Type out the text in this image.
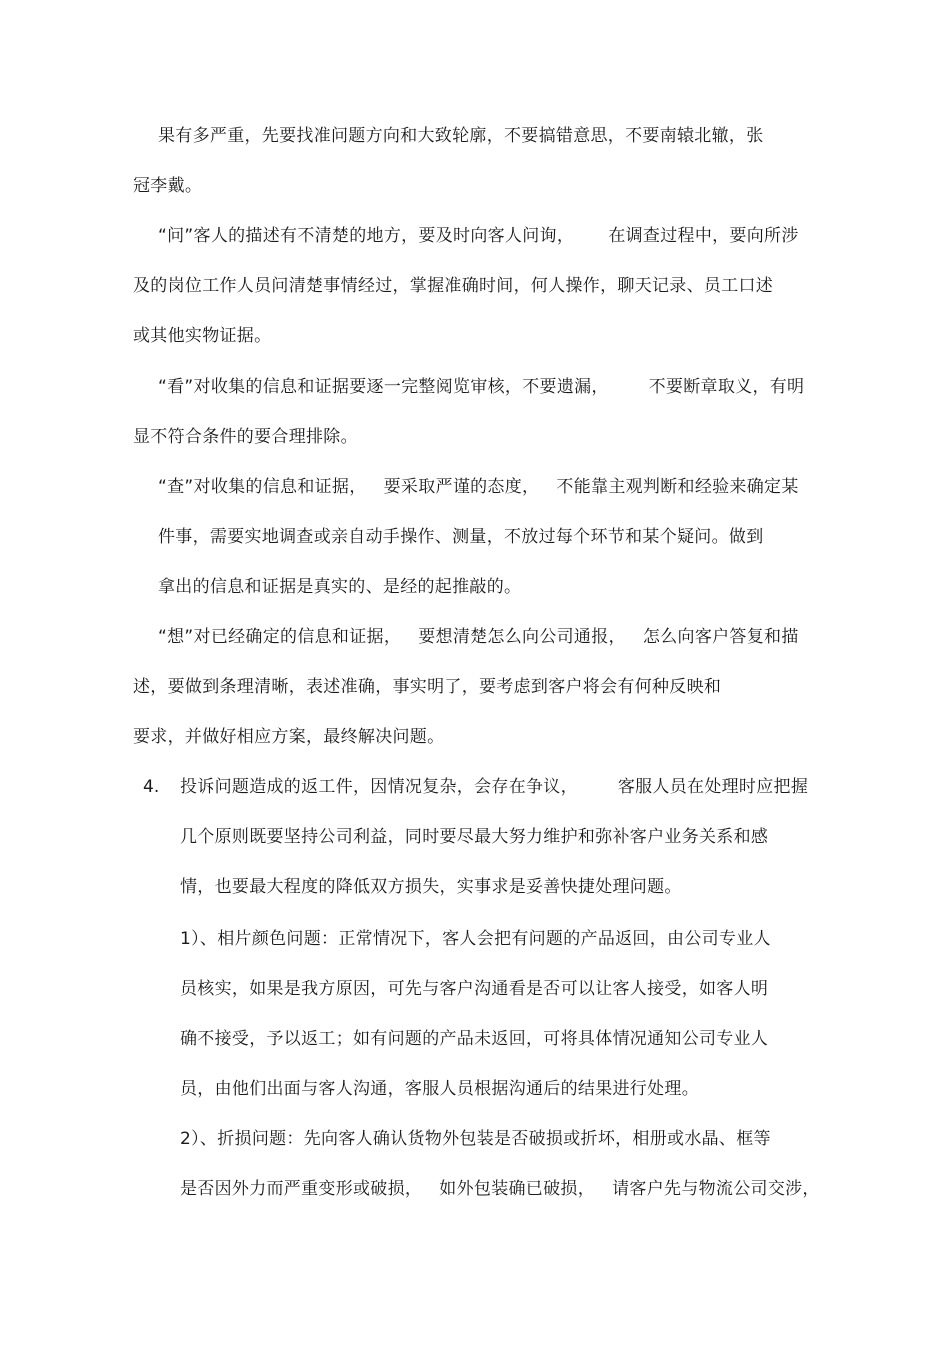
果有多严重，先要找准问题方向和大致轮廓，不要搞错意思，不要南辕北辙，张
冠李戴。
“问”客人的描述有不清楚的地方，要及时向客人问询，      在调查过程中，要向所涉
及的岗位工作人员问清楚事情经过，掌握准确时间，何人操作，聊天记录、员工口述
或其他实物证据。
“看”对收集的信息和证据要逐一完整阅览审核，不要遗漏，       不要断章取义，有明
显不符合条件的要合理排除。
“查”对收集的信息和证据，   要采取严谨的态度，   不能靠主观判断和经验来确定某
件事，需要实地调查或亲自动手操作、测量，不放过每个环节和某个疑问。做到
拿出的信息和证据是真实的、是经的起推敲的。
“想”对已经确定的信息和证据，   要想清楚怎么向公司通报，   怎么向客户答复和描
述，要做到条理清晰，表述准确，事实明了，要考虑到客户将会有何种反映和
要求，并做好相应方案，最终解决问题。
4. 投诉问题造成的返工件，因情况复杂，会存在争议，       客服人员在处理时应把握
几个原则既要坚持公司利益，同时要尽最大努力维护和弥补客户业务关系和感
情，也要最大程度的降低双方损失，实事求是妥善快捷处理问题。
1）、相片颜色问题：正常情况下，客人会把有问题的产品返回，由公司专业人
员核实，如果是我方原因，可先与客户沟通看是否可以让客人接受，如客人明
确不接受，予以返工；如有问题的产品未返回，可将具体情况通知公司专业人
员，由他们出面与客人沟通，客服人员根据沟通后的结果进行处理。
2）、折损问题：先向客人确认货物外包装是否破损或折坏，相册或水晶、框等
是否因外力而严重变形或破损，   如外包装确已破损，   请客户先与物流公司交涉，
